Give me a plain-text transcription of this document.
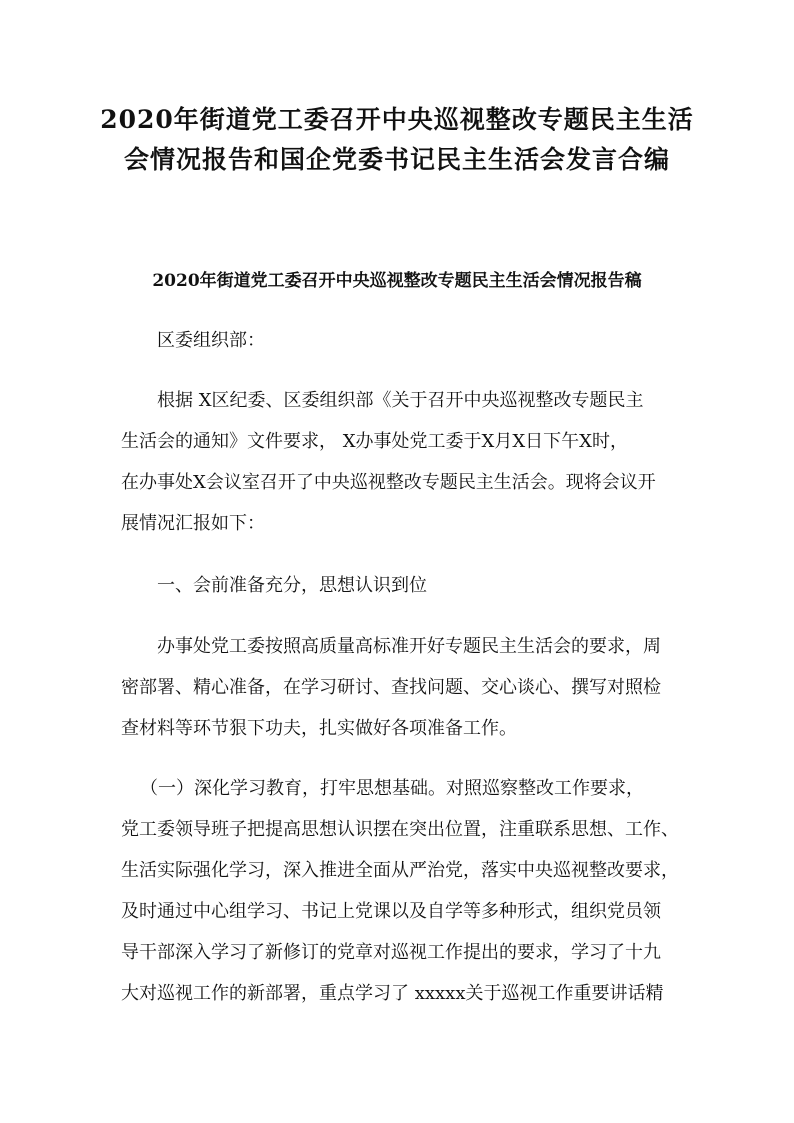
2020年街道党工委召开中央巡视整改专题民主生活
会情况报告和国企党委书记民主生活会发言合编
2020年街道党工委召开中央巡视整改专题民主生活会情况报告稿
区委组织部：
根据 X区纪委、区委组织部《关于召开中央巡视整改专题民主
生活会的通知》文件要求， X办事处党工委于X月X日下午X时，
在办事处X会议室召开了中央巡视整改专题民主生活会。现将会议开
展情况汇报如下：
一、会前准备充分，思想认识到位
办事处党工委按照高质量高标准开好专题民主生活会的要求，周
密部署、精心准备，在学习研讨、查找问题、交心谈心、撰写对照检
查材料等环节狠下功夫，扎实做好各项准备工作。
（一）深化学习教育，打牢思想基础。对照巡察整改工作要求，
党工委领导班子把提高思想认识摆在突出位置，注重联系思想、工作、
生活实际强化学习，深入推进全面从严治党，落实中央巡视整改要求，
及时通过中心组学习、书记上党课以及自学等多种形式，组织党员领
导干部深入学习了新修订的党章对巡视工作提出的要求，学习了十九
大对巡视工作的新部署，重点学习了 xxxxx关于巡视工作重要讲话精
